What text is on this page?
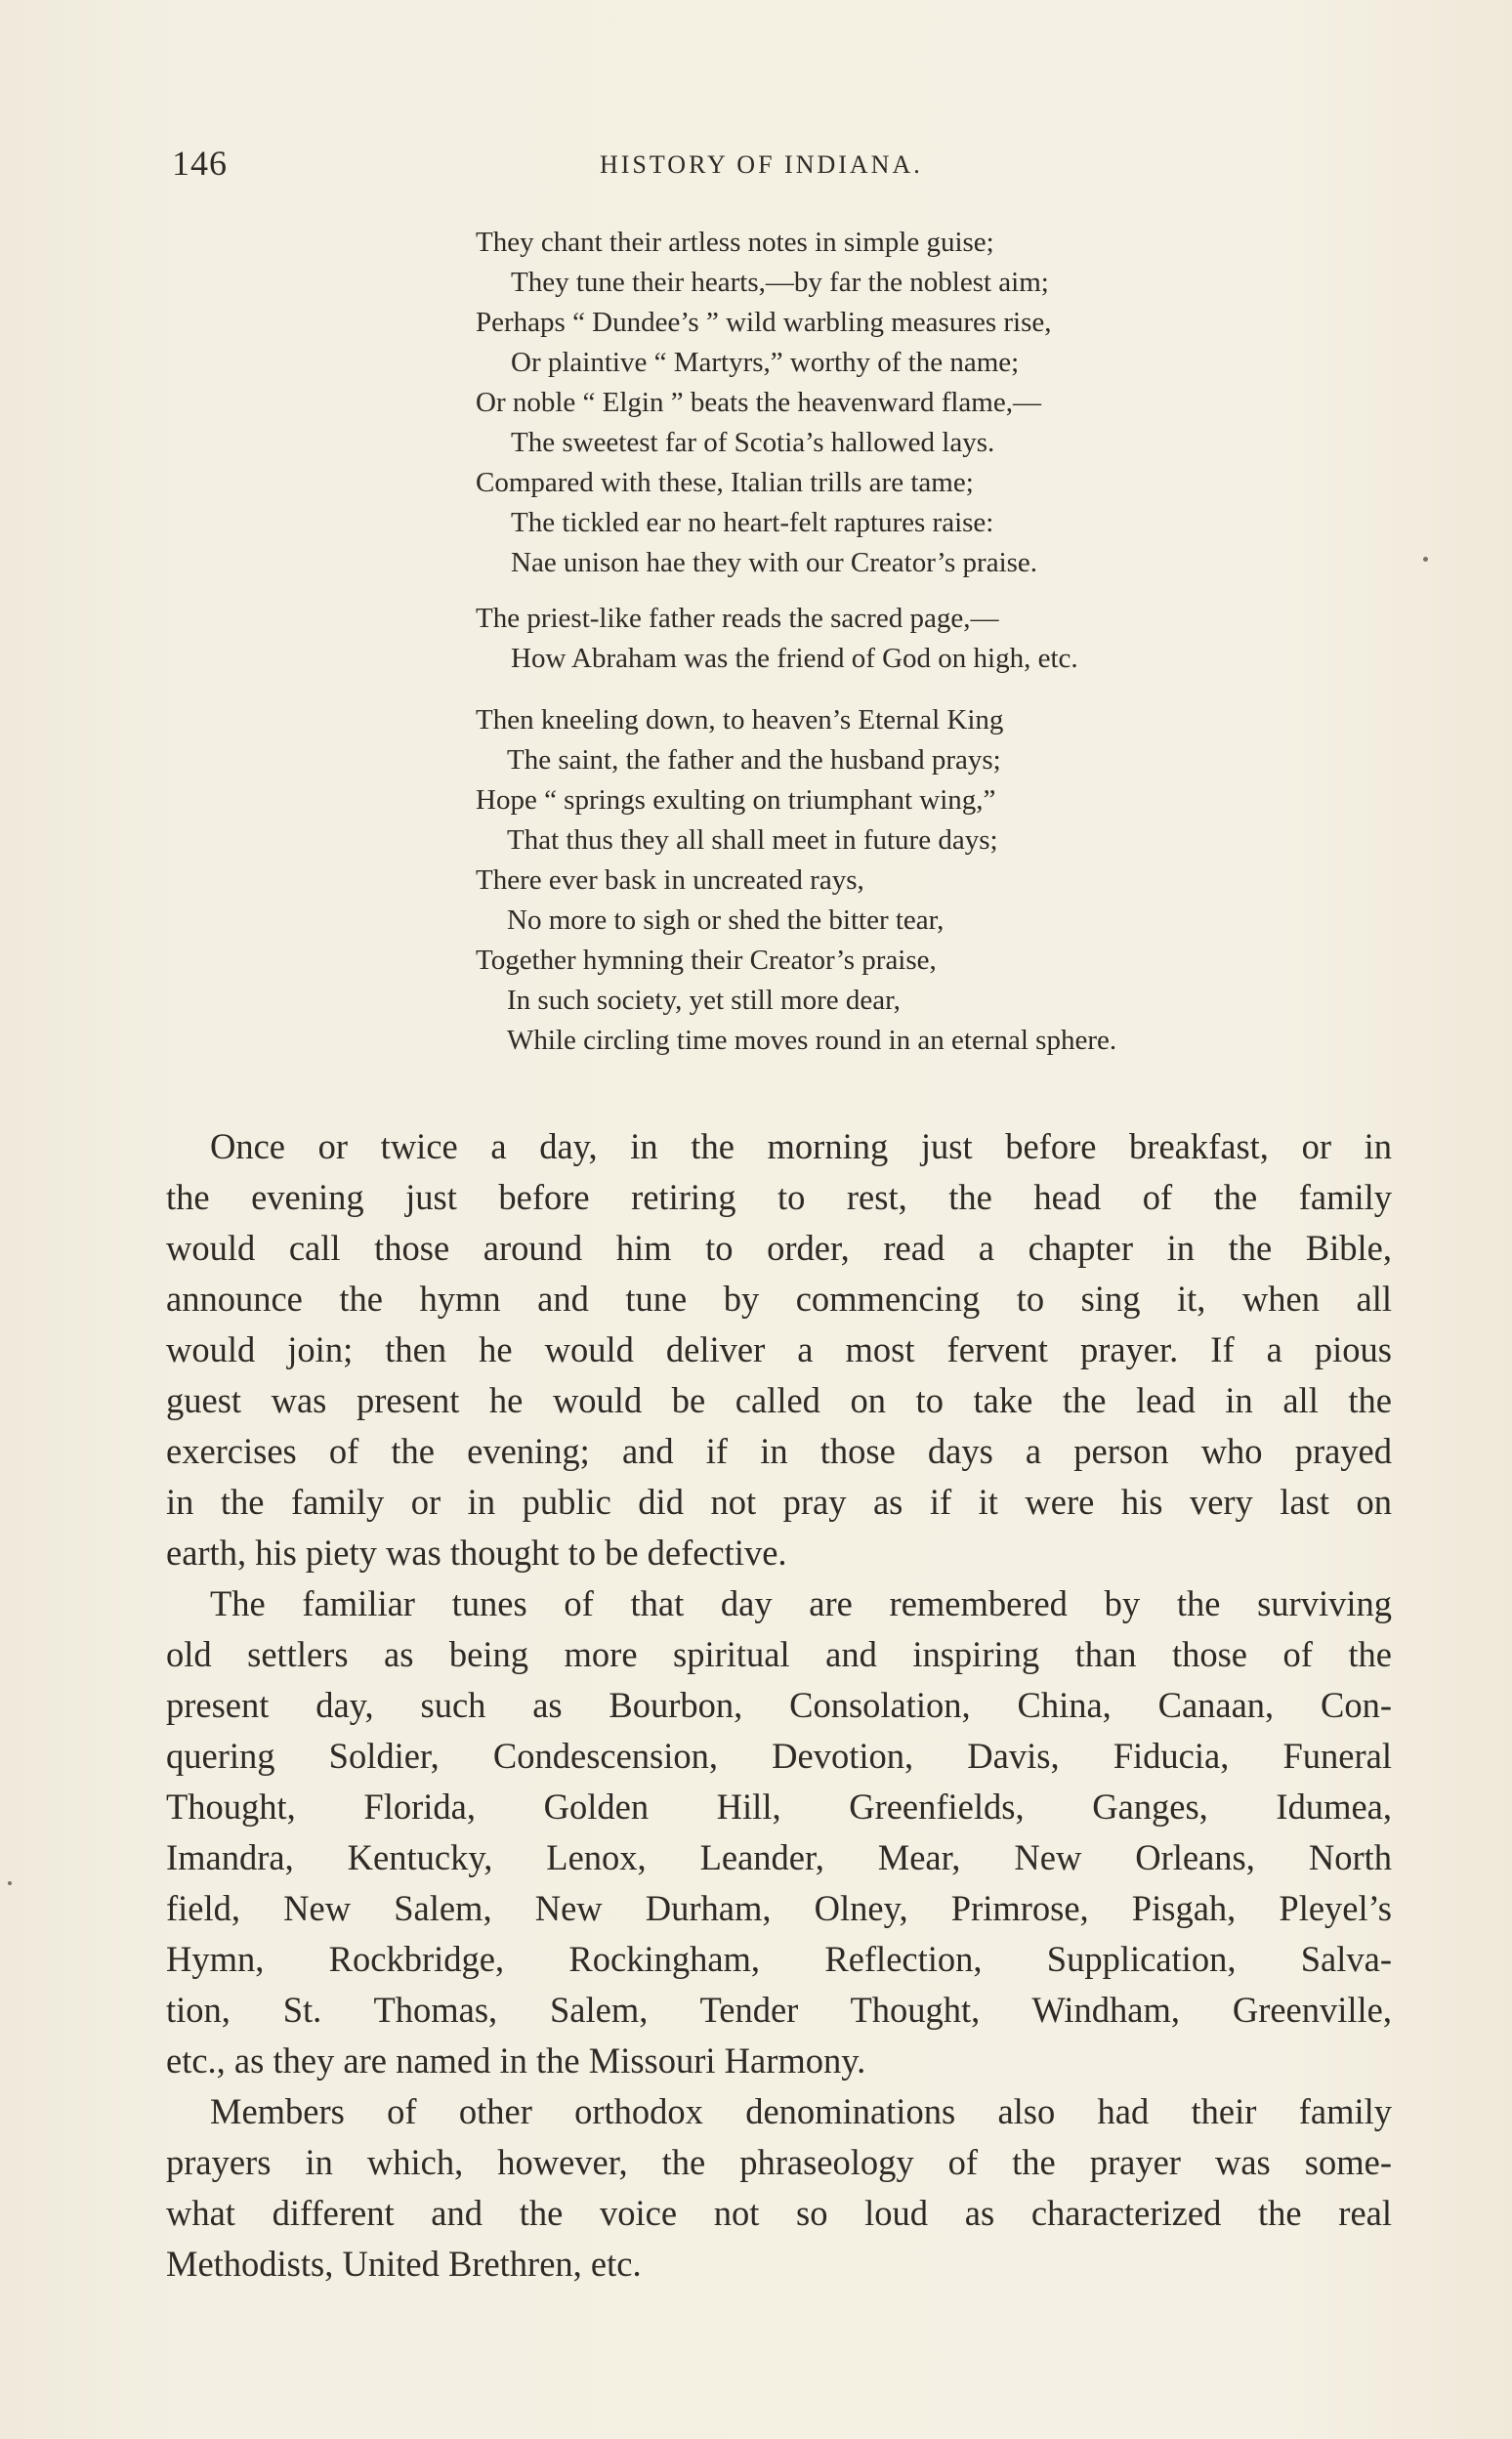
146	HISTORY OF INDIANA.
They chant their artless notes in simple guise;
They tune their hearts,—by far the noblest aim;
Perhaps “ Dundee’s ” wild warbling measures rise,
Or plaintive “ Martyrs,” worthy of the name;
Or noble “ Elgin ” beats the heavenward flame,—
The sweetest far of Scotia’s hallowed lays.
Compared with these, Italian trills are tame;
The tickled ear no heart-felt raptures raise:
Nae unison hae they with our Creator’s praise.
The priest-like father reads the sacred page,—
How Abraham was the friend of God on high, etc.
Then kneeling down, to heaven’s Eternal King
The saint, the father and the husband prays;
Hope “ springs exulting on triumphant wing,”
That thus they all shall meet in future days;
There ever bask in uncreated rays,
No more to sigh or shed the bitter tear,
Together hymning their Creator’s praise,
In such society, yet still more dear,
While circling time moves round in an eternal sphere.
Once or twice a day, in the morning just before breakfast, or in
the evening just before retiring to rest, the head of the family
would call those around him to order, read a chapter in the Bible,
announce the hymn and tune by commencing to sing it, when all
would join; then he would deliver a most fervent prayer. If a pious
guest was present he would be called on to take the lead in all the
exercises of the evening; and if in those days a person who prayed
in the family or in public did not pray as if it were his very last on
earth, his piety was thought to be defective.
The familiar tunes of that day are remembered by the surviving
old settlers as being more spiritual and inspiring than those of the
present day, such as Bourbon, Consolation, China, Canaan, Con-
quering Soldier, Condescension, Devotion, Davis, Fiducia, Funeral
Thought, Florida, Golden Hill, Greenfields, Ganges, Idumea,
Imandra, Kentucky, Lenox, Leander, Mear, New Orleans, North
field, New Salem, New Durham, Olney, Primrose, Pisgah, Pleyel’s
Hymn, Rockbridge, Rockingham, Reflection, Supplication, Salva-
tion, St. Thomas, Salem, Tender Thought, Windham, Greenville,
etc., as they are named in the Missouri Harmony.
Members of other orthodox denominations also had their family
prayers in which, however, the phraseology of the prayer was some-
what different and the voice not so loud as characterized the real
Methodists, United Brethren, etc.
